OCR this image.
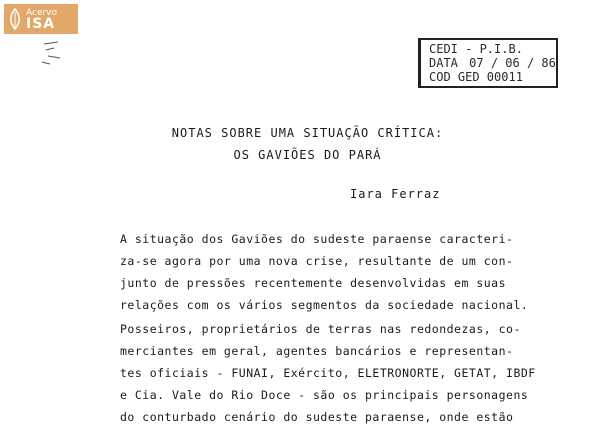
Acervo
ISA
CEDI - P.I.B.
DATA 07 / 06 / 86
COD GED 00011
NOTAS SOBRE UMA SITUAÇÃO CRÍTICA:
OS GAVIÕES DO PARÁ
Iara Ferraz
A situação dos Gaviões do sudeste paraense caracteri-
za-se agora por uma nova crise, resultante de um con-
junto de pressões recentemente desenvolvidas em suas
relações com os vários segmentos da sociedade nacional.
Posseiros, proprietários de terras nas redondezas, co-
merciantes em geral, agentes bancários e representan-
tes oficiais - FUNAI, Exército, ELETRONORTE, GETAT, IBDF
e Cia. Vale do Rio Doce - são os principais personagens
do conturbado cenário do sudeste paraense, onde estão
